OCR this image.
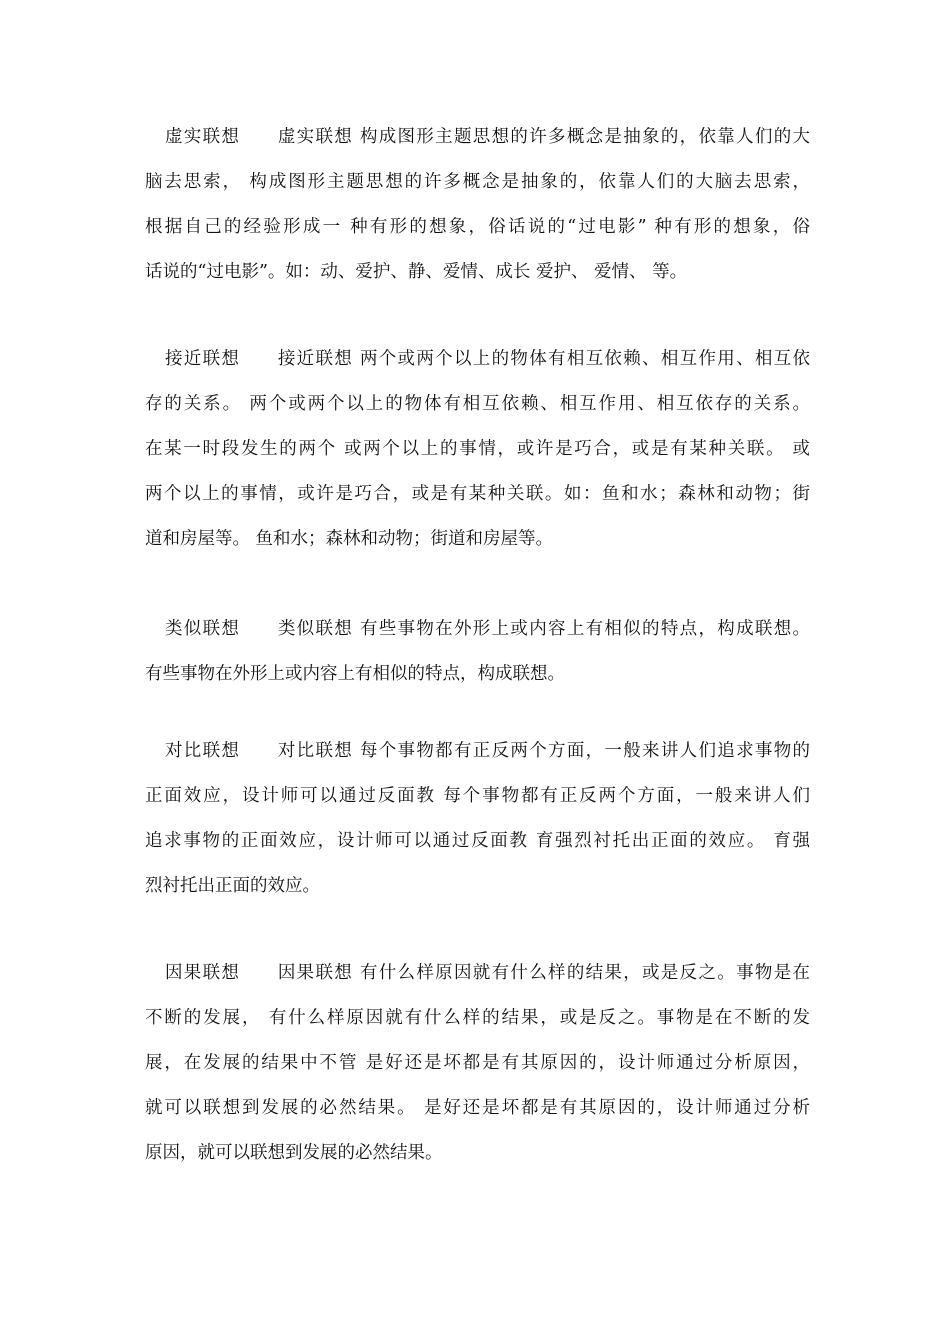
虚实联想　　虚实联想 构成图形主题思想的许多概念是抽象的，依靠人们的大
脑去思索， 构成图形主题思想的许多概念是抽象的，依靠人们的大脑去思索，
根据自己的经验形成一 种有形的想象，俗话说的“过电影” 种有形的想象，俗
话说的“过电影”。如：动、爱护、静、爱情、成长 爱护、 爱情、 等。
接近联想　　接近联想 两个或两个以上的物体有相互依赖、相互作用、相互依
存的关系。 两个或两个以上的物体有相互依赖、相互作用、相互依存的关系。
在某一时段发生的两个 或两个以上的事情，或许是巧合，或是有某种关联。 或
两个以上的事情，或许是巧合，或是有某种关联。如：鱼和水；森林和动物；街
道和房屋等。 鱼和水；森林和动物；街道和房屋等。
类似联想　　类似联想 有些事物在外形上或内容上有相似的特点，构成联想。
有些事物在外形上或内容上有相似的特点，构成联想。
对比联想　　对比联想 每个事物都有正反两个方面，一般来讲人们追求事物的
正面效应，设计师可以通过反面教 每个事物都有正反两个方面，一般来讲人们
追求事物的正面效应，设计师可以通过反面教 育强烈衬托出正面的效应。 育强
烈衬托出正面的效应。
因果联想　　因果联想 有什么样原因就有什么样的结果，或是反之。事物是在
不断的发展， 有什么样原因就有什么样的结果，或是反之。事物是在不断的发
展，在发展的结果中不管 是好还是坏都是有其原因的，设计师通过分析原因，
就可以联想到发展的必然结果。 是好还是坏都是有其原因的，设计师通过分析
原因，就可以联想到发展的必然结果。
